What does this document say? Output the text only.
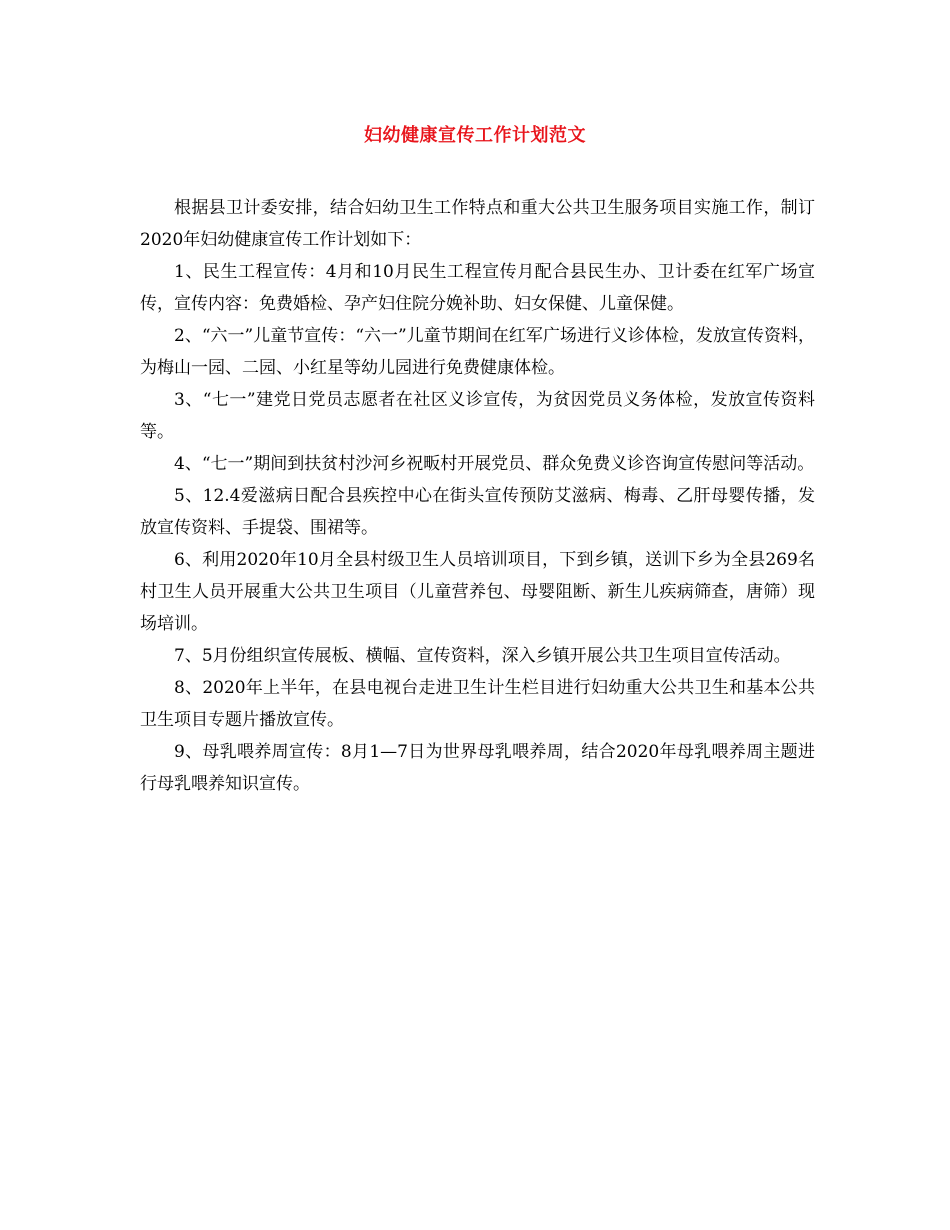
妇幼健康宣传工作计划范文

根据县卫计委安排，结合妇幼卫生工作特点和重大公共卫生服务项目实施工作，制订2020年妇幼健康宣传工作计划如下：

1、民生工程宣传：4月和10月民生工程宣传月配合县民生办、卫计委在红军广场宣传，宣传内容：免费婚检、孕产妇住院分娩补助、妇女保健、儿童保健。

2、“六一”儿童节宣传：“六一”儿童节期间在红军广场进行义诊体检，发放宣传资料，为梅山一园、二园、小红星等幼儿园进行免费健康体检。

3、“七一”建党日党员志愿者在社区义诊宣传，为贫因党员义务体检，发放宣传资料等。

4、“七一”期间到扶贫村沙河乡祝畈村开展党员、群众免费义诊咨询宣传慰问等活动。

5、12.4爱滋病日配合县疾控中心在街头宣传预防艾滋病、梅毒、乙肝母婴传播，发放宣传资料、手提袋、围裙等。

6、利用2020年10月全县村级卫生人员培训项目，下到乡镇，送训下乡为全县269名村卫生人员开展重大公共卫生项目（儿童营养包、母婴阻断、新生儿疾病筛查，唐筛）现场培训。

7、5月份组织宣传展板、横幅、宣传资料，深入乡镇开展公共卫生项目宣传活动。

8、2020年上半年，在县电视台走进卫生计生栏目进行妇幼重大公共卫生和基本公共卫生项目专题片播放宣传。

9、母乳喂养周宣传：8月1—7日为世界母乳喂养周，结合2020年母乳喂养周主题进行母乳喂养知识宣传。
